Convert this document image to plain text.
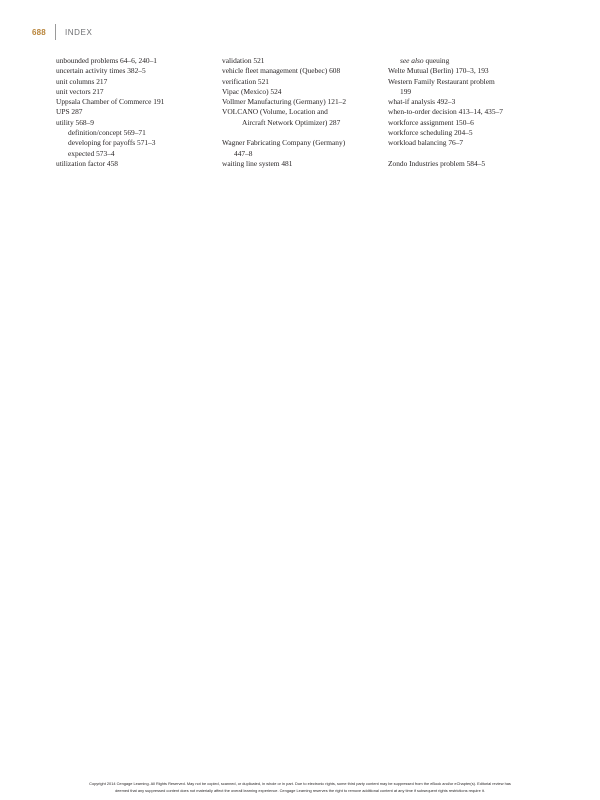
688 INDEX
unbounded problems 64–6, 240–1
uncertain activity times 382–5
unit columns 217
unit vectors 217
Uppsala Chamber of Commerce 191
UPS 287
utility 568–9
definition/concept 569–71
developing for payoffs 571–3
expected 573–4
utilization factor 458
validation 521
vehicle fleet management (Quebec) 608
verification 521
Vipac (Mexico) 524
Vollmer Manufacturing (Germany) 121–2
VOLCANO (Volume, Location and
Aircraft Network Optimizer) 287
Wagner Fabricating Company (Germany)
447–8
waiting line system 481
see also queuing
Welte Mutual (Berlin) 170–3, 193
Western Family Restaurant problem
199
what-if analysis 492–3
when-to-order decision 413–14, 435–7
workforce assignment 150–6
workforce scheduling 204–5
workload balancing 76–7
Zondo Industries problem 584–5
Copyright 2014 Cengage Learning. All Rights Reserved. May not be copied, scanned, or duplicated, in whole or in part. Due to electronic rights, some third party content may be suppressed from the eBook and/or eChapter(s). Editorial review has
deemed that any suppressed content does not materially affect the overall learning experience. Cengage Learning reserves the right to remove additional content at any time if subsequent rights restrictions require it.
